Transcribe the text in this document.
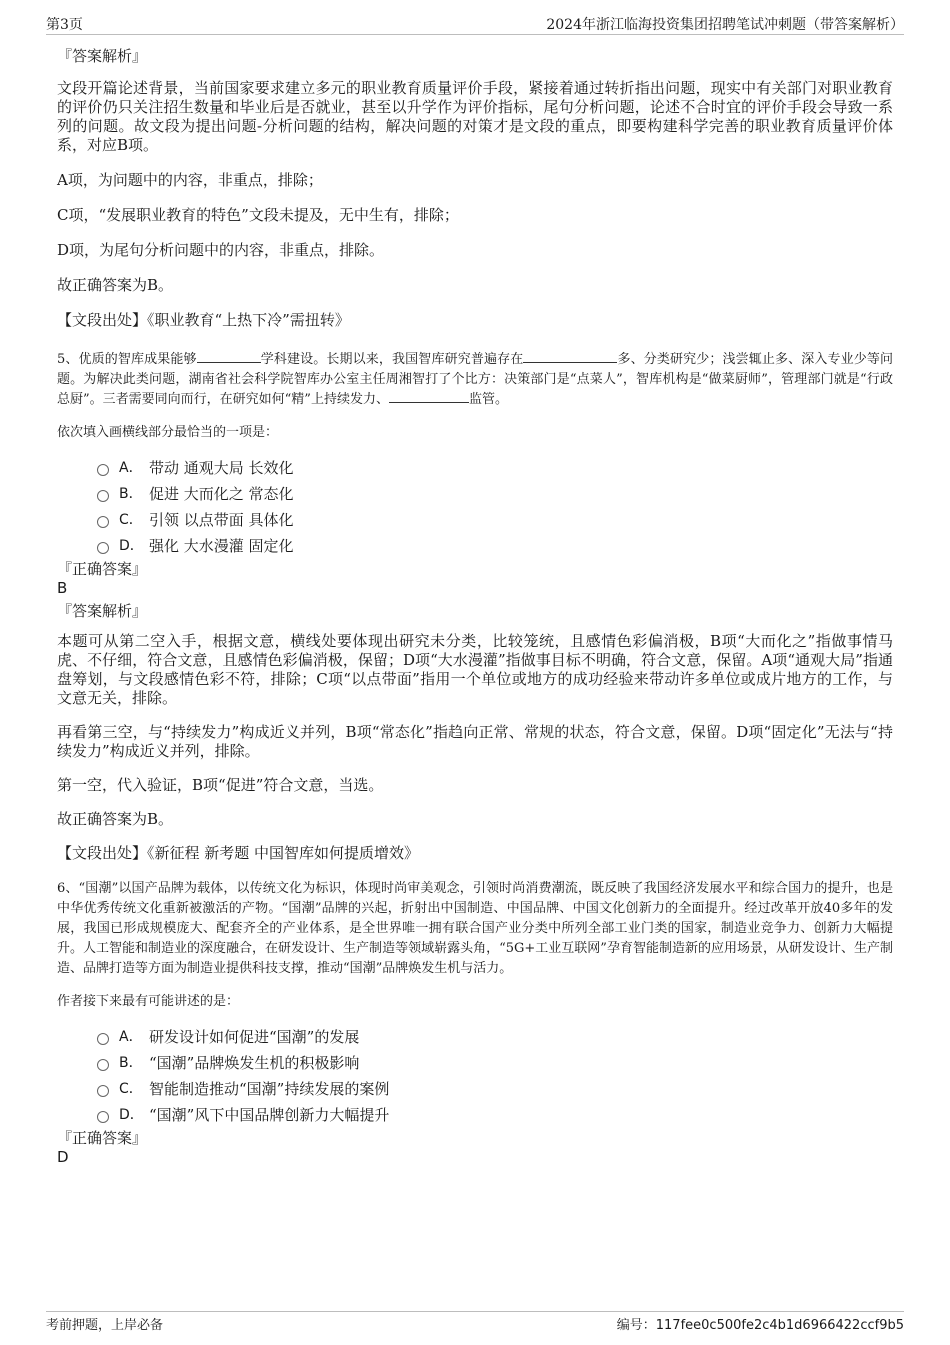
第3页	2024年浙江临海投资集团招聘笔试冲刺题（带答案解析）

『答案解析』

文段开篇论述背景，当前国家要求建立多元的职业教育质量评价手段，紧接着通过转折指出问题，现实中有关部门对职业教育的评价仍只关注招生数量和毕业后是否就业，甚至以升学作为评价指标，尾句分析问题，论述不合时宜的评价手段会导致一系列的问题。故文段为提出问题-分析问题的结构，解决问题的对策才是文段的重点，即要构建科学完善的职业教育质量评价体系，对应B项。

A项，为问题中的内容，非重点，排除；

C项，“发展职业教育的特色”文段未提及，无中生有，排除；

D项，为尾句分析问题中的内容，非重点，排除。

故正确答案为B。

【文段出处】《职业教育“上热下冷”需扭转》

5、优质的智库成果能够	学科建设。长期以来，我国智库研究普遍存在	多、分类研究少；浅尝辄止多、深入专业少等问题。为解决此类问题，湖南省社会科学院智库办公室主任周湘智打了个比方：决策部门是“点菜人”，智库机构是“做菜厨师”，管理部门就是“行政总厨”。三者需要同向而行，在研究如何“精”上持续发力、	监管。

依次填入画横线部分最恰当的一项是：

A． 带动 通观大局 长效化
B． 促进 大而化之 常态化
C． 引领 以点带面 具体化
D． 强化 大水漫灌 固定化

『正确答案』

B

『答案解析』

本题可从第二空入手，根据文意，横线处要体现出研究未分类，比较笼统，且感情色彩偏消极，B项“大而化之”指做事情马虎、不仔细，符合文意，且感情色彩偏消极，保留；D项“大水漫灌”指做事目标不明确，符合文意，保留。A项“通观大局”指通盘筹划，与文段感情色彩不符，排除；C项“以点带面”指用一个单位或地方的成功经验来带动许多单位或成片地方的工作，与文意无关，排除。

再看第三空，与“持续发力”构成近义并列，B项“常态化”指趋向正常、常规的状态，符合文意，保留。D项“固定化”无法与“持续发力”构成近义并列，排除。

第一空，代入验证，B项“促进”符合文意，当选。

故正确答案为B。

【文段出处】《新征程 新考题 中国智库如何提质增效》

6、“国潮”以国产品牌为载体，以传统文化为标识，体现时尚审美观念，引领时尚消费潮流，既反映了我国经济发展水平和综合国力的提升，也是中华优秀传统文化重新被激活的产物。“国潮”品牌的兴起，折射出中国制造、中国品牌、中国文化创新力的全面提升。经过改革开放40多年的发展，我国已形成规模庞大、配套齐全的产业体系，是全世界唯一拥有联合国产业分类中所列全部工业门类的国家，制造业竞争力、创新力大幅提升。人工智能和制造业的深度融合，在研发设计、生产制造等领域崭露头角，“5G+工业互联网”孕育智能制造新的应用场景，从研发设计、生产制造、品牌打造等方面为制造业提供科技支撑，推动“国潮”品牌焕发生机与活力。

作者接下来最有可能讲述的是：

A． 研发设计如何促进“国潮”的发展
B． “国潮”品牌焕发生机的积极影响
C． 智能制造推动“国潮”持续发展的案例
D． “国潮”风下中国品牌创新力大幅提升

『正确答案』

D

考前押题，上岸必备	编号：117fee0c500fe2c4b1d6966422ccf9b5
